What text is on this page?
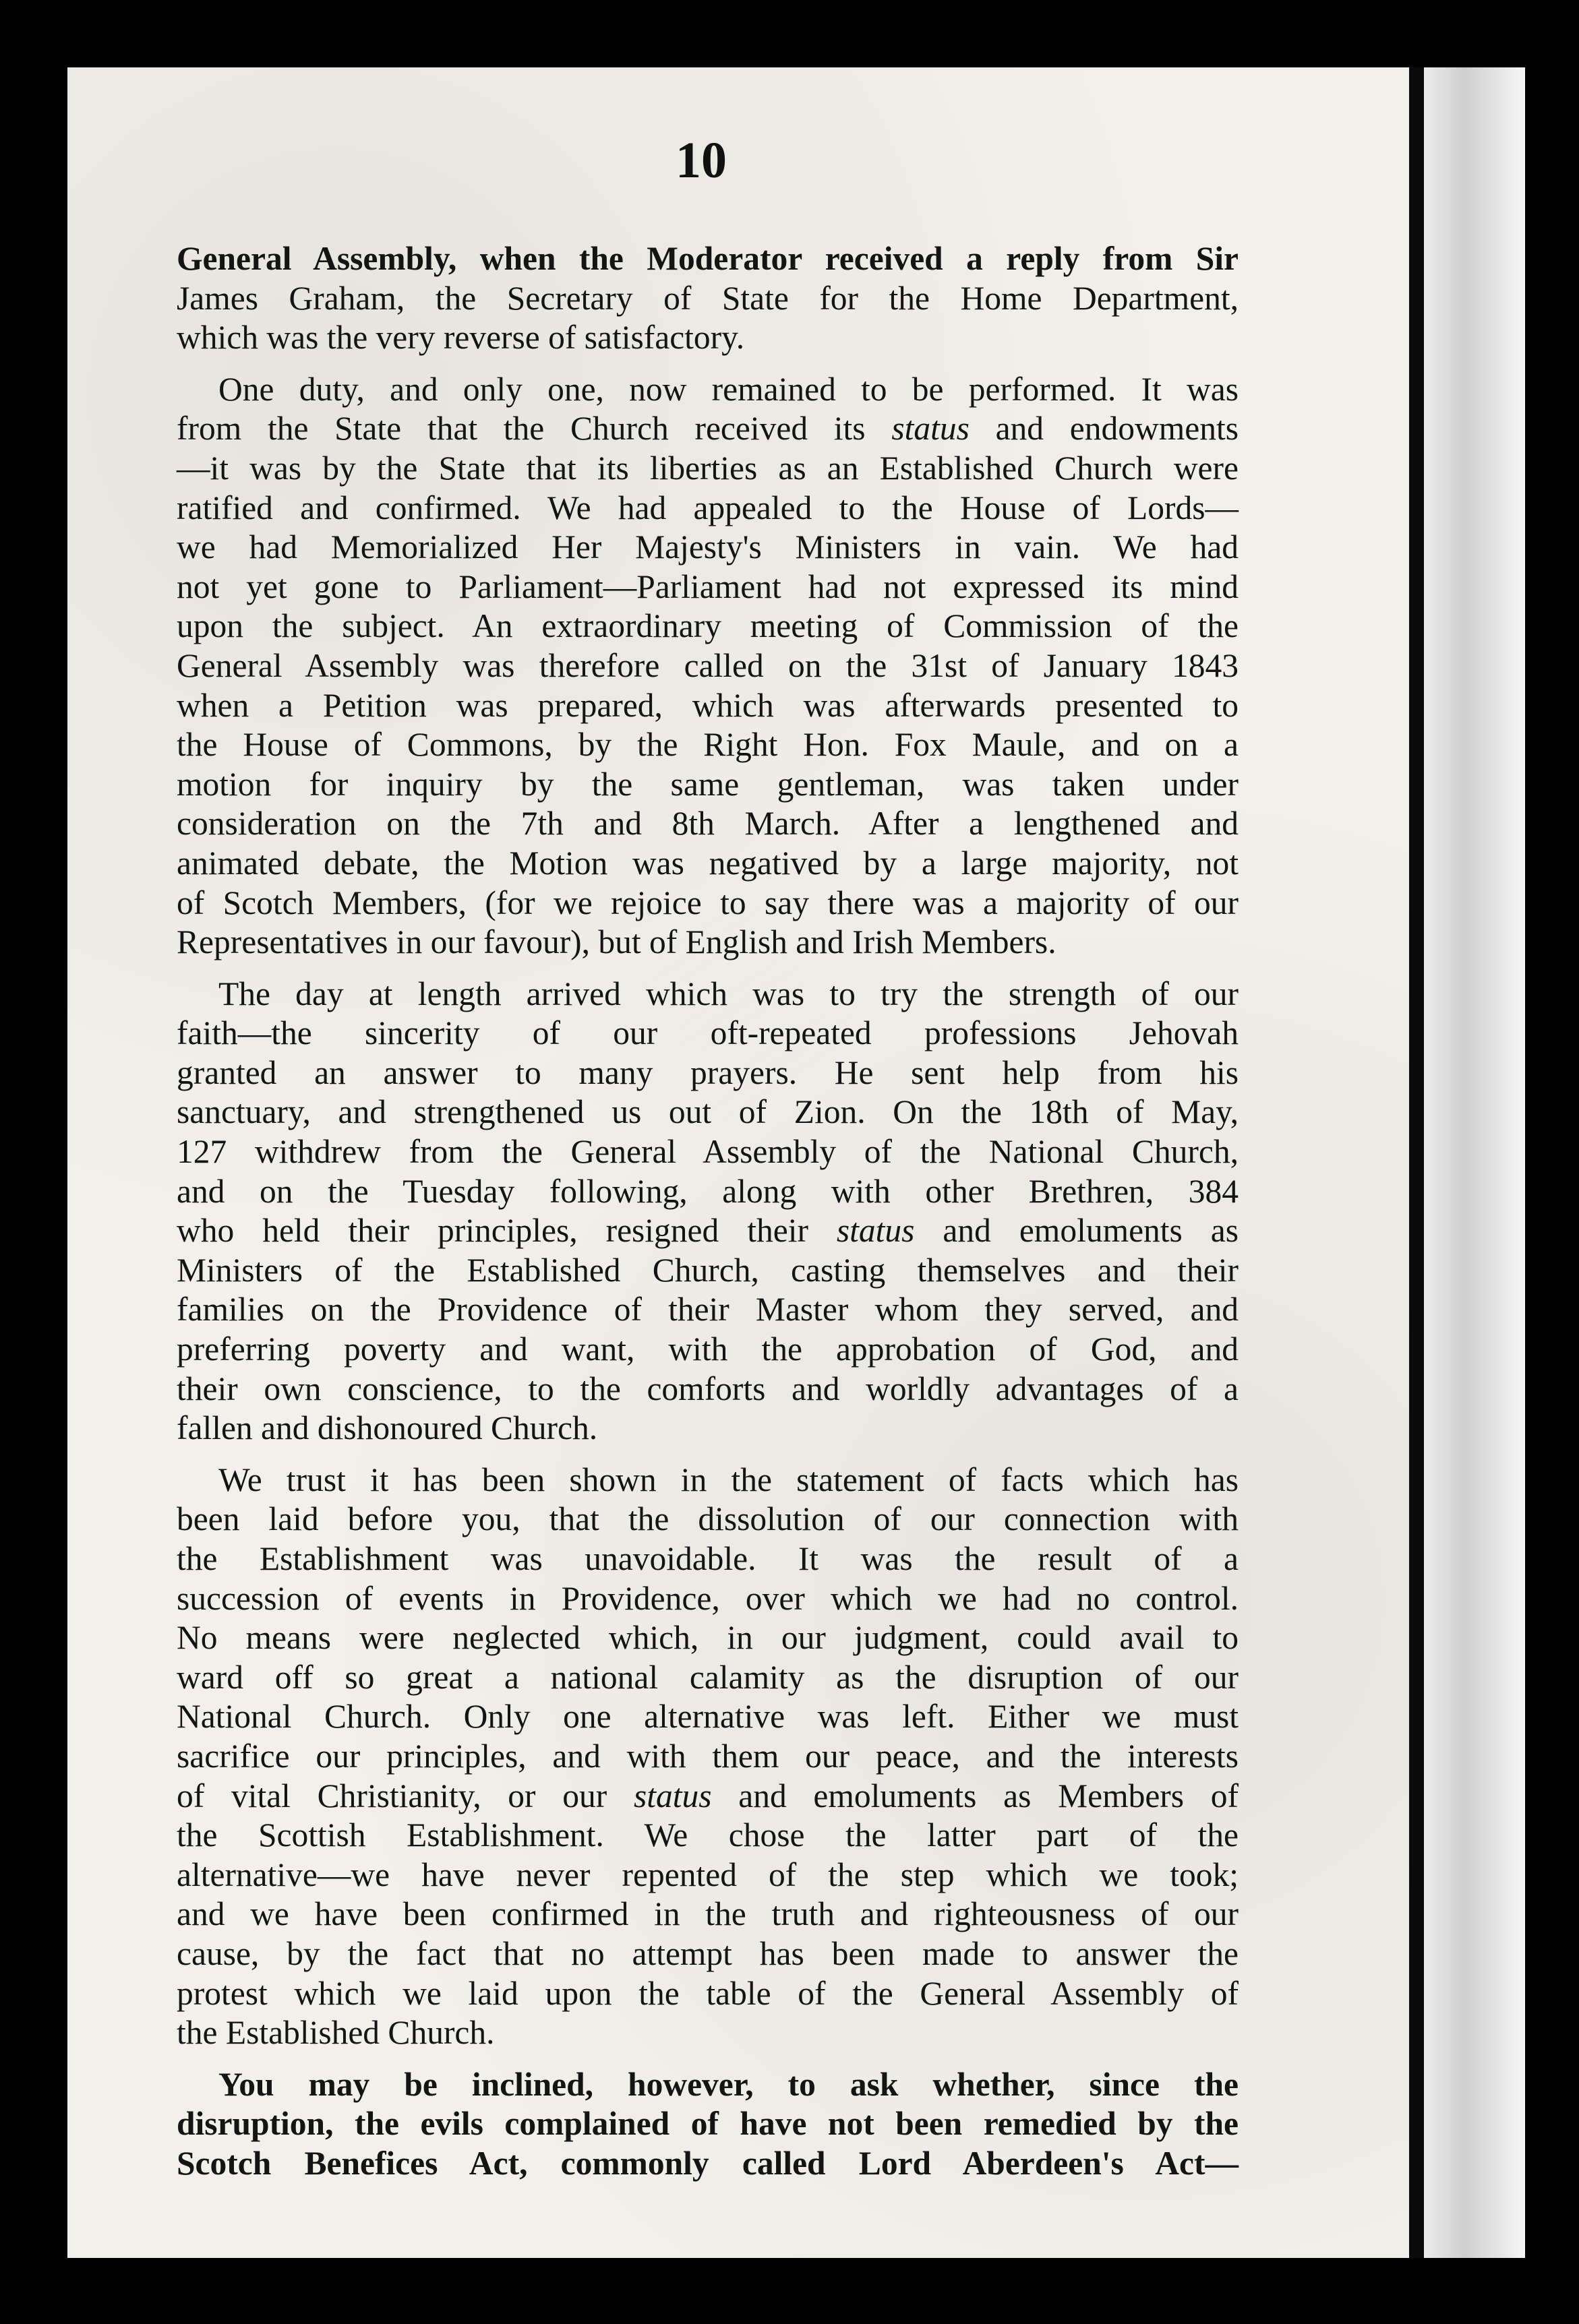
10

General Assembly, when the Moderator received a reply from Sir
James Graham, the Secretary of State for the Home Department,
which was the very reverse of satisfactory.
One duty, and only one, now remained to be performed. It was
from the State that the Church received its status and endowments
—it was by the State that its liberties as an Established Church were
ratified and confirmed. We had appealed to the House of Lords—
we had Memorialized Her Majesty's Ministers in vain. We had
not yet gone to Parliament—Parliament had not expressed its mind
upon the subject. An extraordinary meeting of Commission of the
General Assembly was therefore called on the 31st of January 1843
when a Petition was prepared, which was afterwards presented to
the House of Commons, by the Right Hon. Fox Maule, and on a
motion for inquiry by the same gentleman, was taken under
consideration on the 7th and 8th March. After a lengthened and
animated debate, the Motion was negatived by a large majority, not
of Scotch Members, (for we rejoice to say there was a majority of our
Representatives in our favour), but of English and Irish Members.
The day at length arrived which was to try the strength of our
faith—the sincerity of our oft-repeated professions Jehovah
granted an answer to many prayers. He sent help from his
sanctuary, and strengthened us out of Zion. On the 18th of May,
127 withdrew from the General Assembly of the National Church,
and on the Tuesday following, along with other Brethren, 384
who held their principles, resigned their status and emoluments as
Ministers of the Established Church, casting themselves and their
families on the Providence of their Master whom they served, and
preferring poverty and want, with the approbation of God, and
their own conscience, to the comforts and worldly advantages of a
fallen and dishonoured Church.
We trust it has been shown in the statement of facts which has
been laid before you, that the dissolution of our connection with
the Establishment was unavoidable. It was the result of a
succession of events in Providence, over which we had no control.
No means were neglected which, in our judgment, could avail to
ward off so great a national calamity as the disruption of our
National Church. Only one alternative was left. Either we must
sacrifice our principles, and with them our peace, and the interests
of vital Christianity, or our status and emoluments as Members of
the Scottish Establishment. We chose the latter part of the
alternative—we have never repented of the step which we took;
and we have been confirmed in the truth and righteousness of our
cause, by the fact that no attempt has been made to answer the
protest which we laid upon the table of the General Assembly of
the Established Church.
You may be inclined, however, to ask whether, since the
disruption, the evils complained of have not been remedied by the
Scotch Benefices Act, commonly called Lord Aberdeen's Act—
